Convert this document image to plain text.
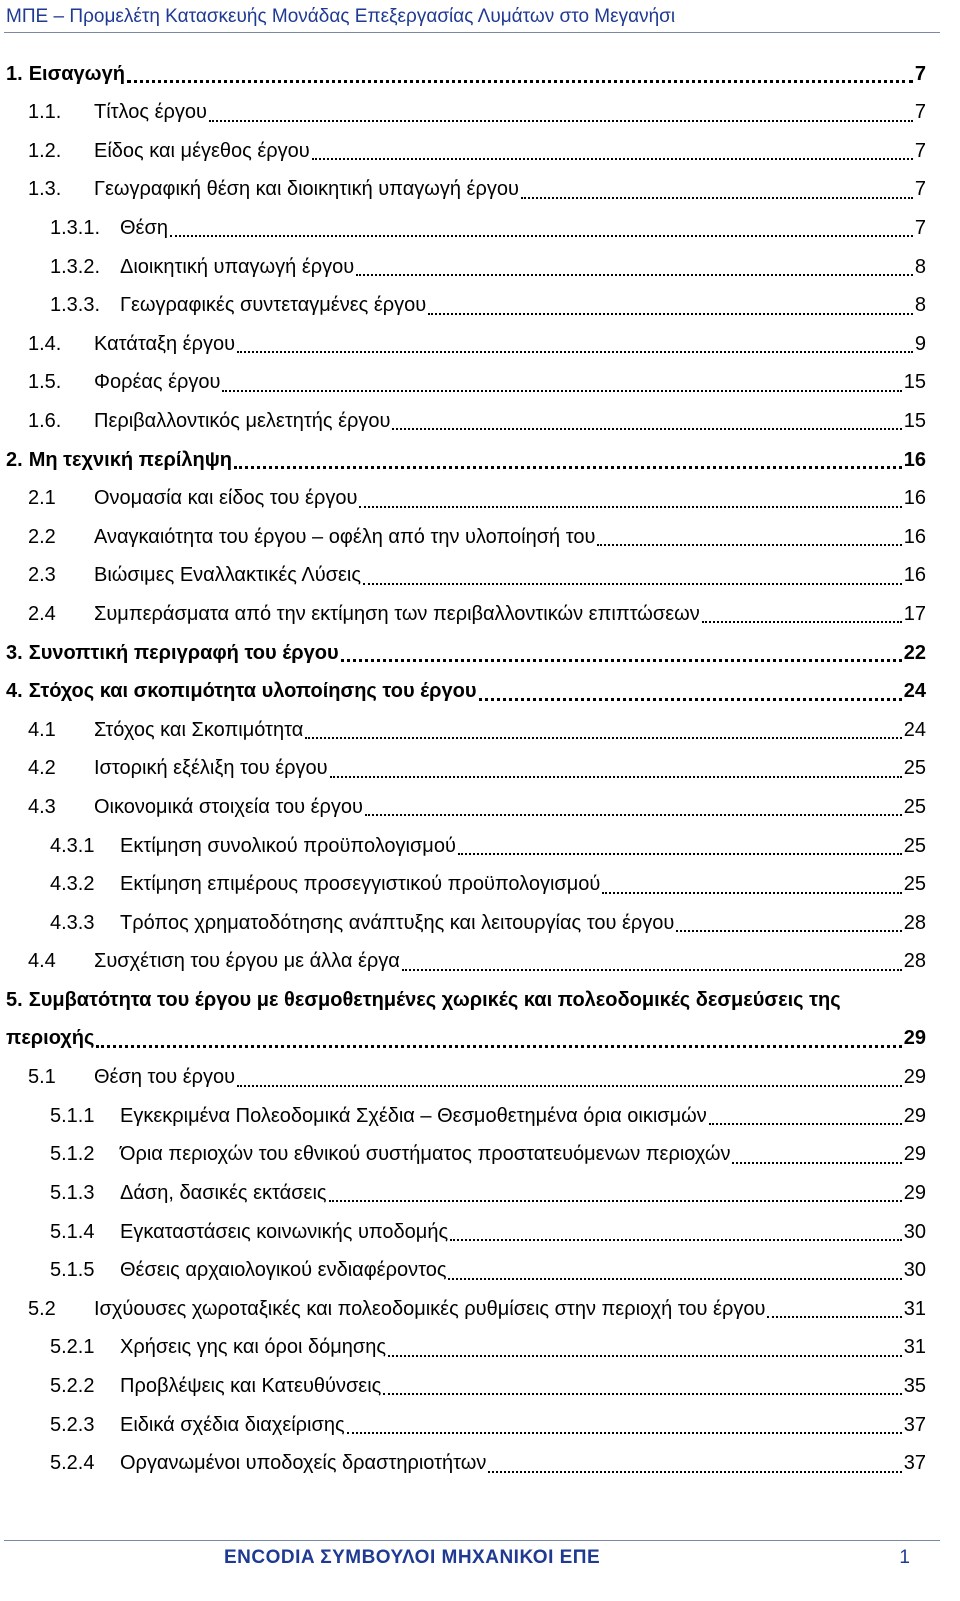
ΜΠΕ – Προμελέτη Κατασκευής Μονάδας Επεξεργασίας Λυμάτων στο Μεγανήσι
1. Εισαγωγή	7
1.1.	Τίτλος έργου	7
1.2.	Είδος και μέγεθος έργου	7
1.3.	Γεωγραφική θέση και διοικητική υπαγωγή έργου	7
1.3.1. Θέση	7
1.3.2. Διοικητική υπαγωγή έργου	8
1.3.3. Γεωγραφικές συντεταγμένες έργου	8
1.4.	Κατάταξη έργου	9
1.5.	Φορέας έργου	15
1.6.	Περιβαλλοντικός μελετητής έργου	15
2. Μη τεχνική περίληψη	16
2.1	Ονομασία και είδος του έργου	16
2.2	Αναγκαιότητα του έργου – οφέλη από την υλοποίησή του	16
2.3	Βιώσιμες Εναλλακτικές Λύσεις	16
2.4	Συμπεράσματα από την εκτίμηση των περιβαλλοντικών επιπτώσεων	17
3. Συνοπτική περιγραφή του έργου	22
4. Στόχος και σκοπιμότητα υλοποίησης του έργου	24
4.1	Στόχος και Σκοπιμότητα	24
4.2	Ιστορική εξέλιξη του έργου	25
4.3	Οικονομικά στοιχεία του έργου	25
4.3.1	Εκτίμηση συνολικού προϋπολογισμού	25
4.3.2	Εκτίμηση επιμέρους προσεγγιστικού προϋπολογισμού	25
4.3.3	Τρόπος χρηματοδότησης ανάπτυξης και λειτουργίας του έργου	28
4.4	Συσχέτιση του έργου με άλλα έργα	28
5. Συμβατότητα του έργου με θεσμοθετημένες χωρικές και πολεοδομικές δεσμεύσεις της
περιοχής	29
5.1	Θέση του έργου	29
5.1.1	Εγκεκριμένα Πολεοδομικά Σχέδια – Θεσμοθετημένα όρια οικισμών	29
5.1.2	Όρια περιοχών του εθνικού συστήματος προστατευόμενων περιοχών	29
5.1.3	Δάση, δασικές εκτάσεις	29
5.1.4	Εγκαταστάσεις κοινωνικής υποδομής	30
5.1.5	Θέσεις αρχαιολογικού ενδιαφέροντος	30
5.2	Ισχύουσες χωροταξικές και πολεοδομικές ρυθμίσεις στην περιοχή του έργου	31
5.2.1	Χρήσεις γης και όροι δόμησης	31
5.2.2	Προβλέψεις και Κατευθύνσεις	35
5.2.3	Ειδικά σχέδια διαχείρισης	37
5.2.4	Οργανωμένοι υποδοχείς δραστηριοτήτων	37
ENCODIA ΣΥΜΒΟΥΛΟΙ ΜΗΧΑΝΙΚΟΙ ΕΠΕ	1
